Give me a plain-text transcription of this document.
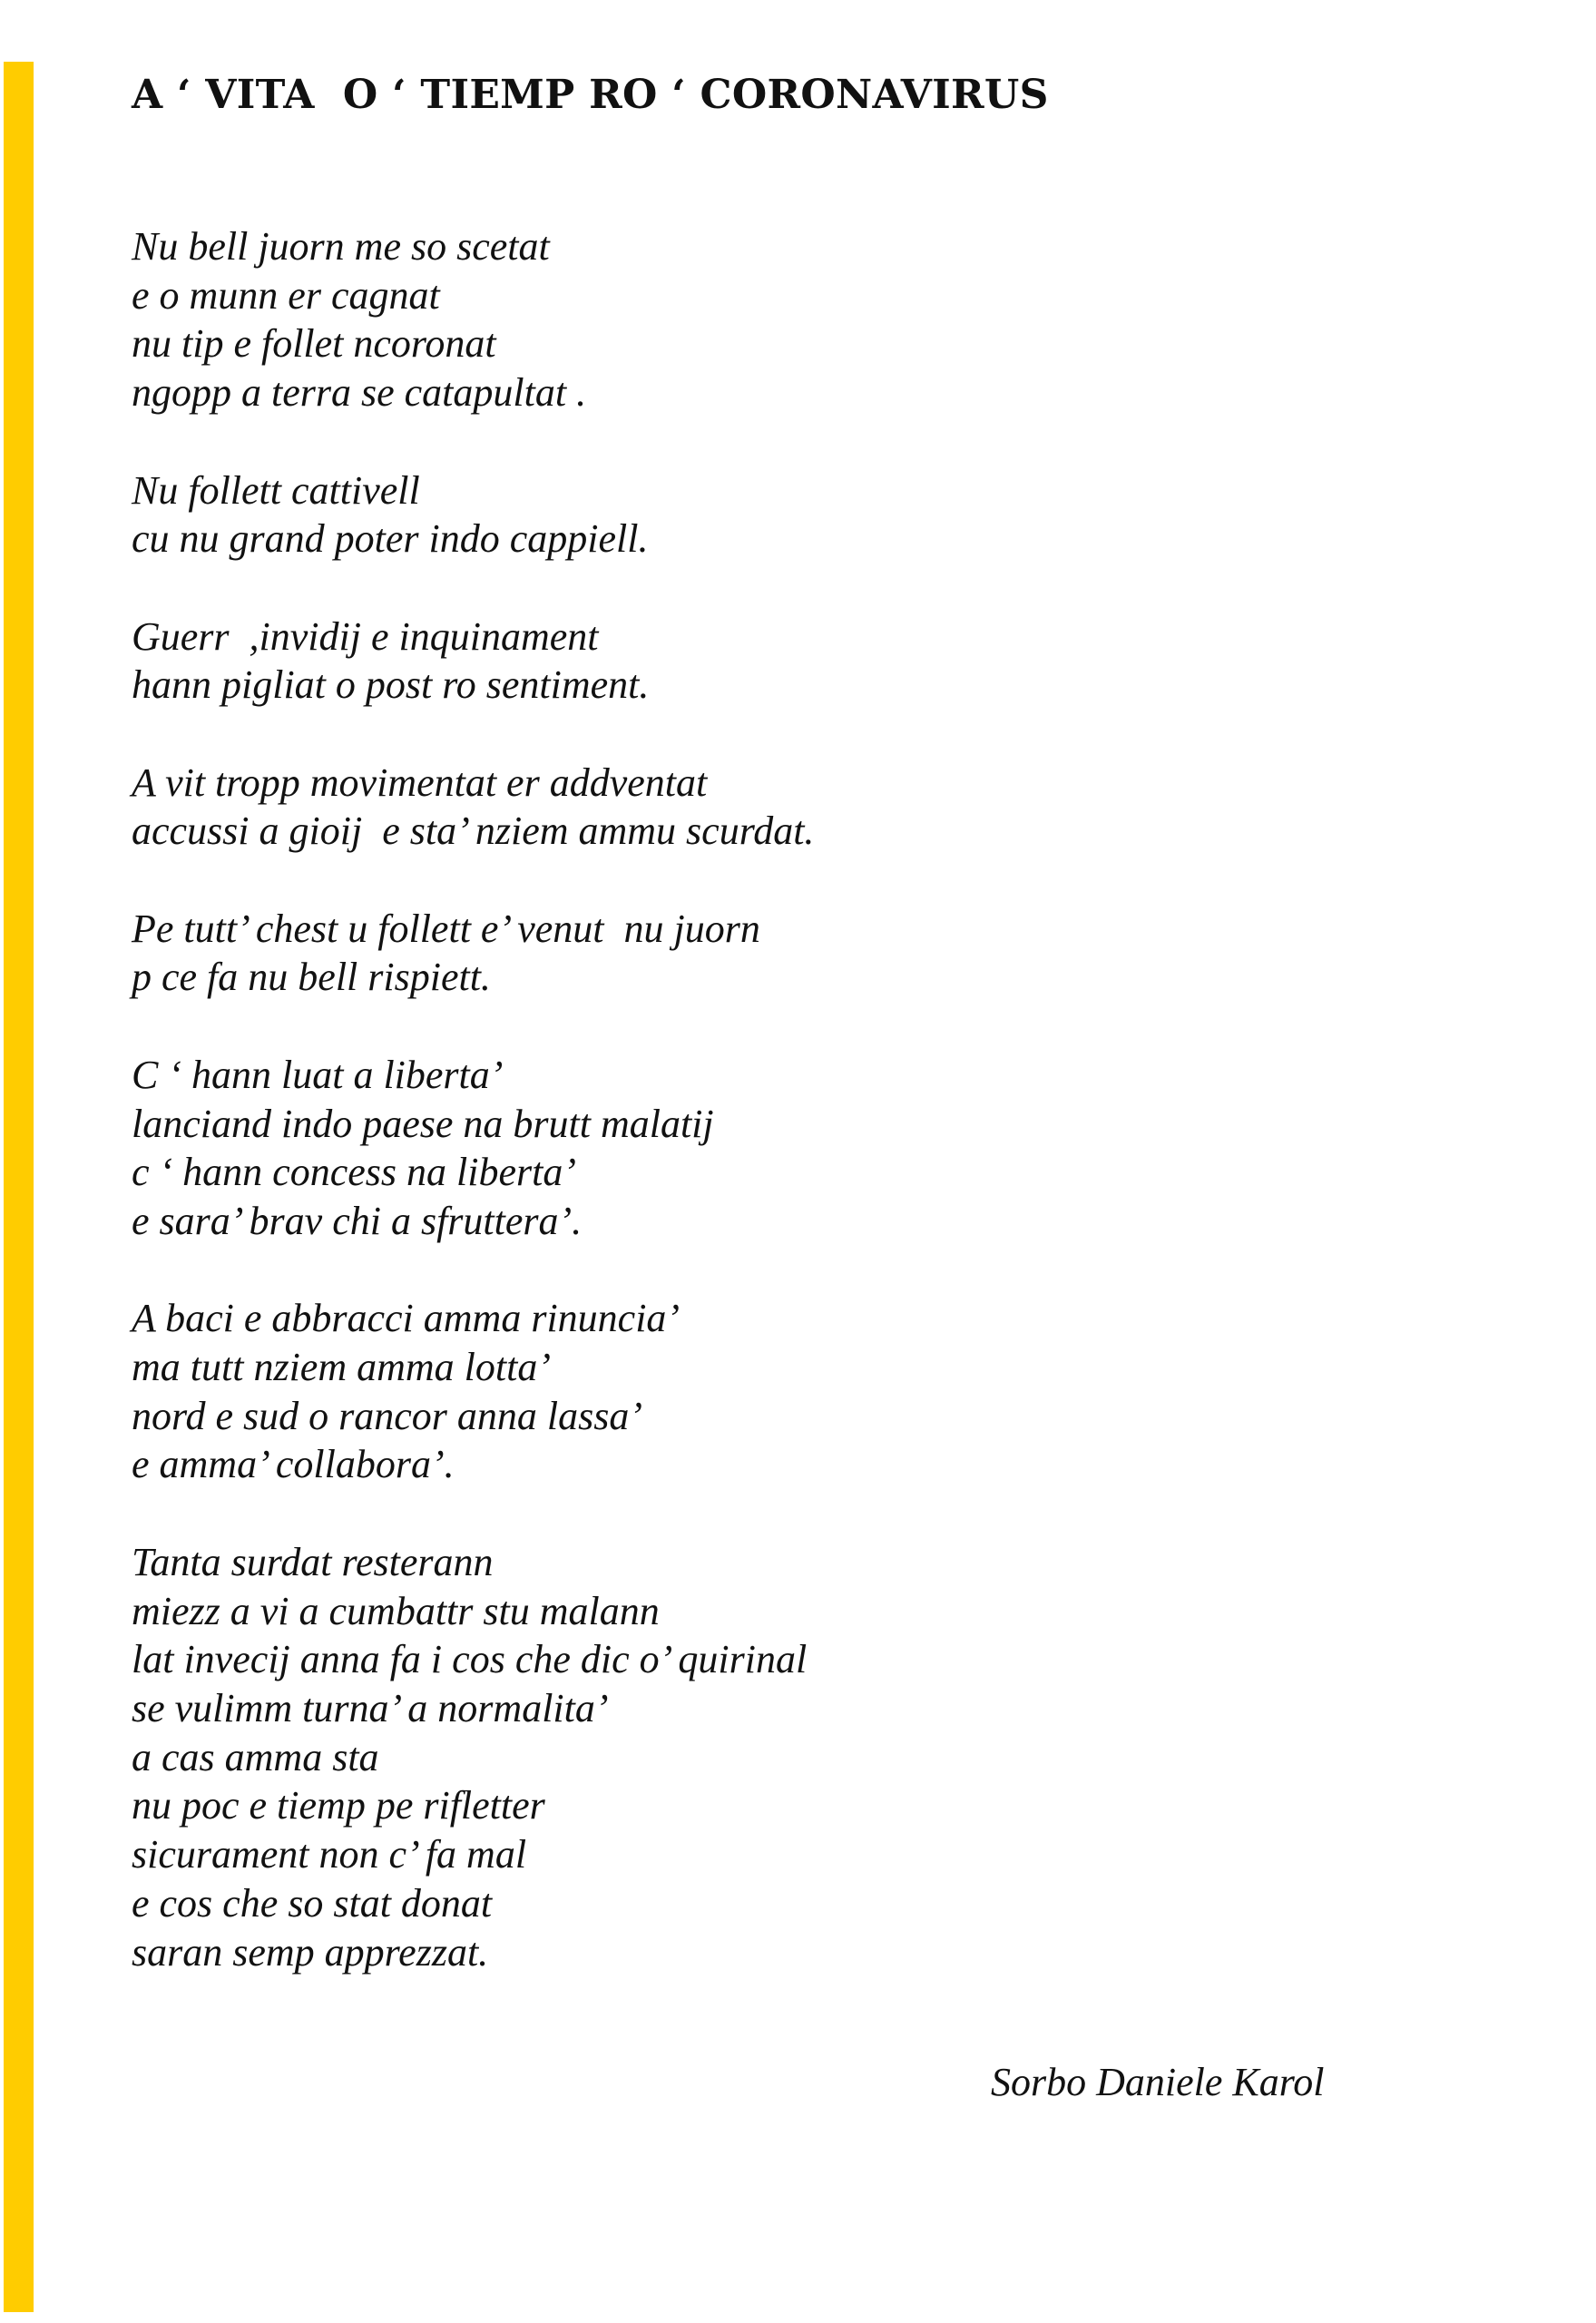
A ‘ VITA  O ‘ TIEMP RO ‘ CORONAVIRUS
Nu bell juorn me so scetat
e o munn er cagnat
nu tip e follet ncoronat
ngopp a terra se catapultat .
Nu follett cattivell
cu nu grand poter indo cappiell.
Guerr  ,invidij e inquinament
hann pigliat o post ro sentiment.
A vit tropp movimentat er addventat
accussi a gioij  e sta’ nziem ammu scurdat.
Pe tutt’ chest u follett e’ venut  nu juorn
p ce fa nu bell rispiett.
C ‘ hann luat a liberta’
lanciand indo paese na brutt malatij
c ‘ hann concess na liberta’
e sara’ brav chi a sfruttera’.
A baci e abbracci amma rinuncia’
ma tutt nziem amma lotta’
nord e sud o rancor anna lassa’
e amma’ collabora’.
Tanta surdat resterann
miezz a vi a cumbattr stu malann
lat invecij anna fa i cos che dic o’ quirinal
se vulimm turna’ a normalita’
a cas amma sta
nu poc e tiemp pe rifletter
sicurament non c’ fa mal
e cos che so stat donat
saran semp apprezzat.
Sorbo Daniele Karol
